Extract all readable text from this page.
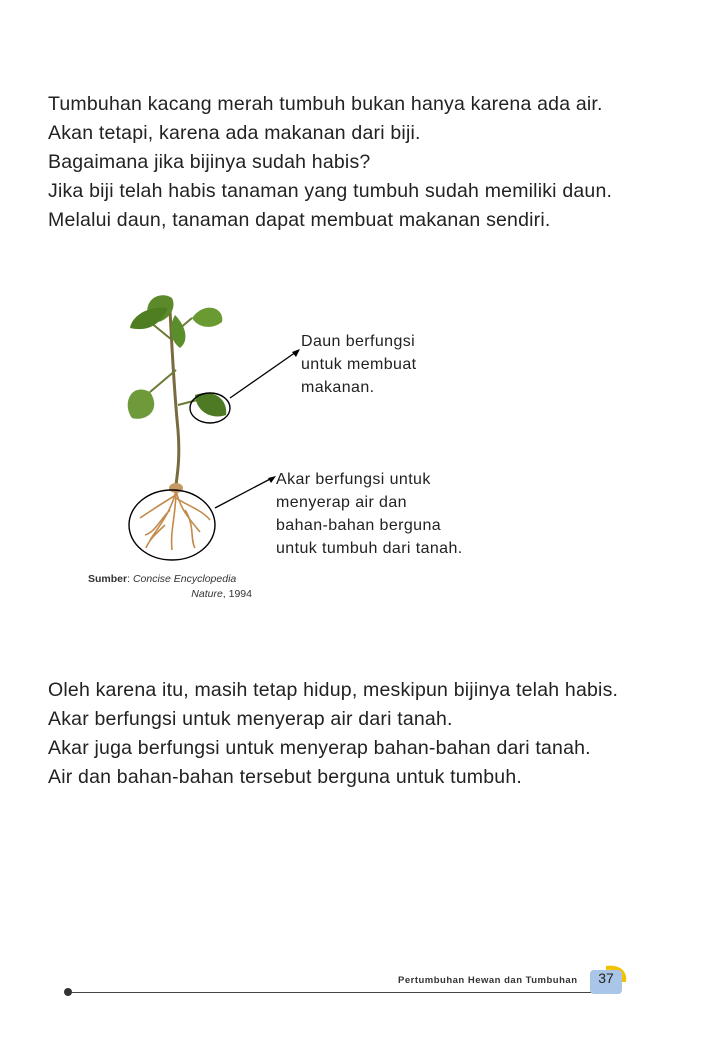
Tumbuhan kacang merah tumbuh bukan hanya karena ada air.
Akan tetapi, karena ada makanan dari biji.
Bagaimana jika bijinya sudah habis?
Jika biji telah habis tanaman yang tumbuh sudah memiliki daun.
Melalui daun, tanaman dapat membuat makanan sendiri.
Daun berfungsi
untuk membuat
makanan.
Akar berfungsi untuk
menyerap air dan
bahan-bahan berguna
untuk tumbuh dari tanah.
Sumber: Concise Encyclopedia
Nature, 1994
Oleh karena itu, masih tetap hidup, meskipun bijinya telah habis.
Akar berfungsi untuk menyerap air dari tanah.
Akar juga berfungsi untuk menyerap bahan-bahan dari tanah.
Air dan bahan-bahan tersebut berguna untuk tumbuh.
Pertumbuhan Hewan dan Tumbuhan	37
